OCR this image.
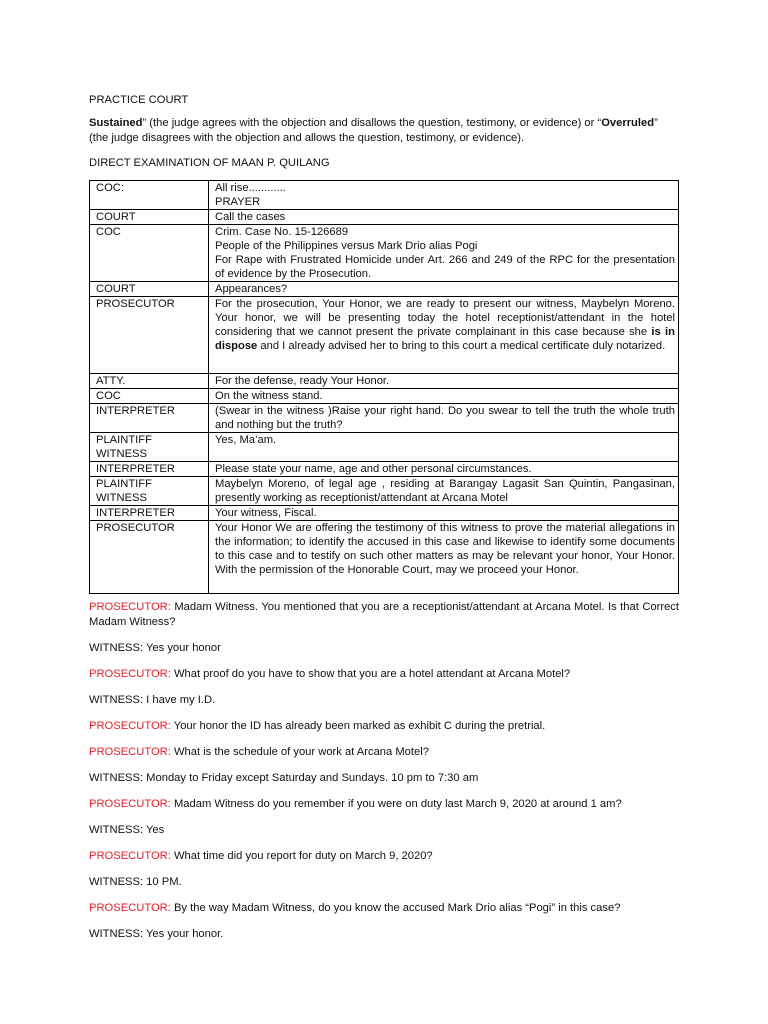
PRACTICE COURT
Sustained” (the judge agrees with the objection and disallows the question, testimony, or evidence) or “Overruled” (the judge disagrees with the objection and allows the question, testimony, or evidence).
DIRECT EXAMINATION OF MAAN P. QUILANG
COC:	All rise............
PRAYER

COURT	Call the cases
COC	Crim. Case No. 15-126689
People of the Philippines versus Mark Drio alias Pogi
For Rape with Frustrated Homicide under Art. 266 and 249 of the RPC for the presentation of evidence by the Prosecution.

COURT	Appearances?
PROSECUTOR	For the prosecution, Your Honor, we are ready to present our witness, Maybelyn Moreno. Your honor, we will be presenting today the hotel receptionist/attendant in the hotel considering that we cannot present the private complainant in this case because she is in dispose and I already advised her to bring to this court a medical certificate duly notarized.
ATTY.	For the defense, ready Your Honor.
COC	On the witness stand.
INTERPRETER	(Swear in the witness )Raise your right hand. Do you swear to tell the truth the whole truth and nothing but the truth?

PLAINTIFF
WITNESS	Yes, Ma’am.
INTERPRETER	Please state your name, age and other personal circumstances.

PLAINTIFF
WITNESS	Maybelyn Moreno, of legal age , residing at Barangay Lagasit San Quintin, Pangasinan, presently working as receptionist/attendant at Arcana Motel
INTERPRETER	Your witness, Fiscal.
PROSECUTOR	Your Honor We are offering the testimony of this witness to prove the material allegations in the information; to identify the accused in this case and likewise to identify some documents to this case and to testify on such other matters as may be relevant your honor, Your Honor. With the permission of the Honorable Court, may we proceed your Honor.

PROSECUTOR: Madam Witness. You mentioned that you are a receptionist/attendant at Arcana Motel. Is that Correct Madam Witness?

WITNESS: Yes your honor

PROSECUTOR: What proof do you have to show that you are a hotel attendant at Arcana Motel?

WITNESS: I have my I.D.

PROSECUTOR: Your honor the ID has already been marked as exhibit C during the pretrial.

PROSECUTOR: What is the schedule of your work at Arcana Motel?

WITNESS: Monday to Friday except Saturday and Sundays. 10 pm to 7:30 am

PROSECUTOR: Madam Witness do you remember if you were on duty last March 9, 2020 at around 1 am?

WITNESS: Yes

PROSECUTOR: What time did you report for duty on March 9, 2020?

WITNESS: 10 PM.

PROSECUTOR: By the way Madam Witness, do you know the accused Mark Drio alias “Pogi” in this case?

WITNESS: Yes your honor.
